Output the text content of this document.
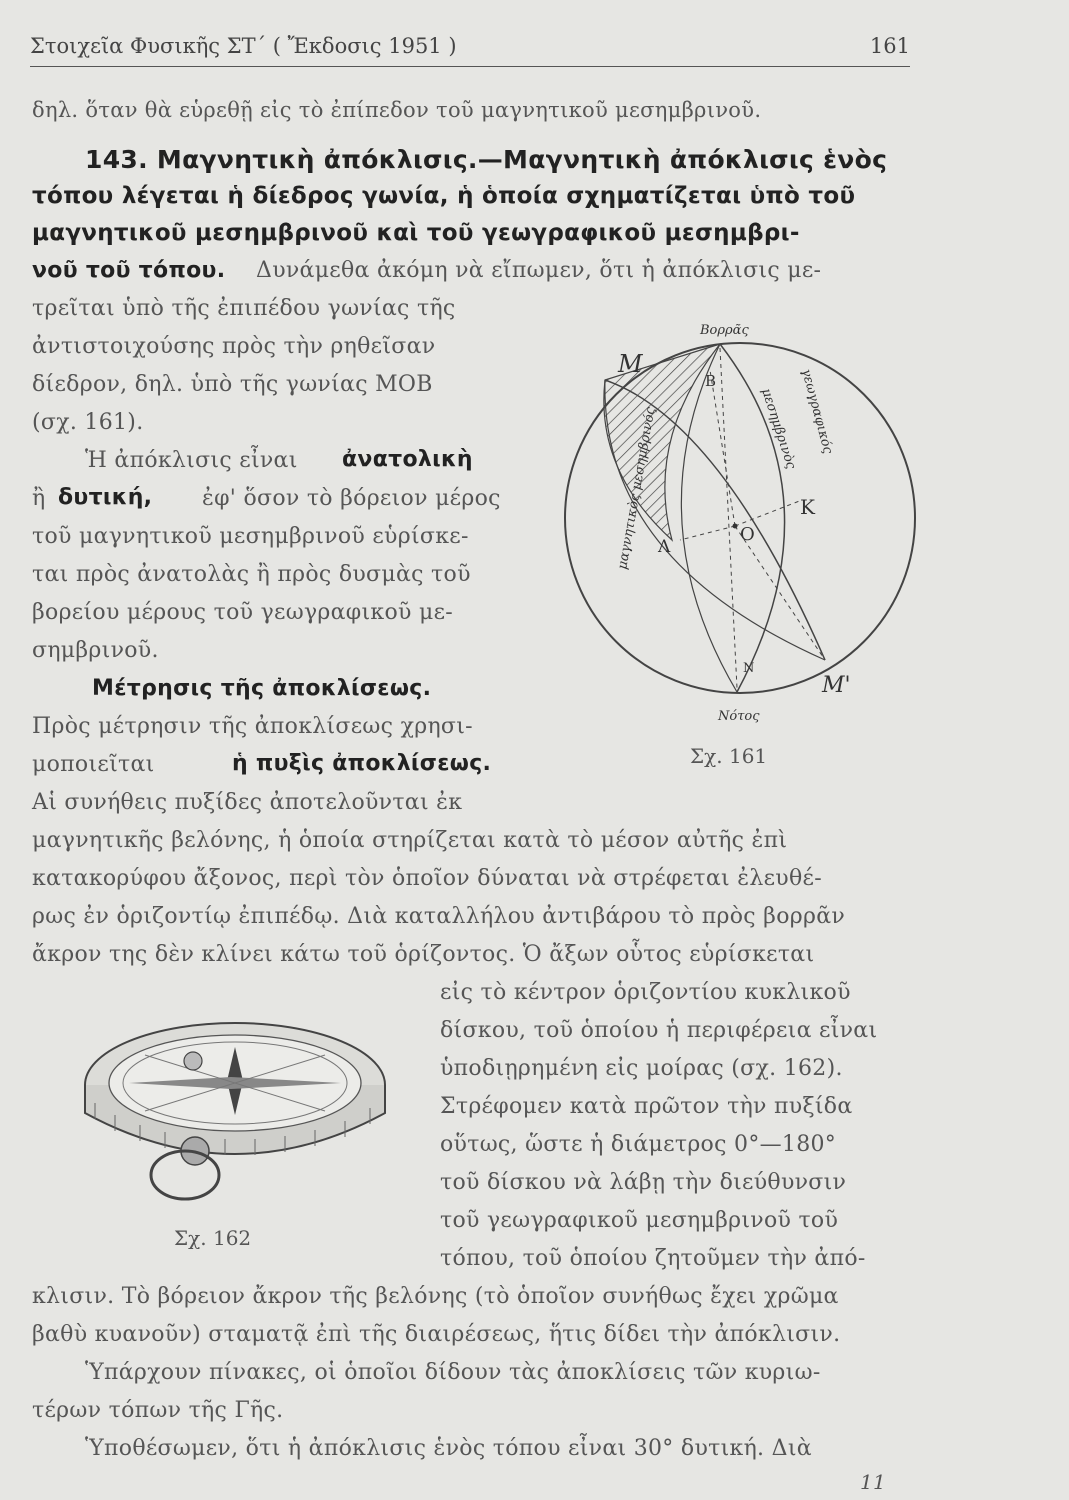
Στοιχεῖα Φυσικῆς ΣΤ΄ ( Ἔκδοσις 1951 )	161
δηλ. ὅταν θὰ εὑρεθῇ εἰς τὸ ἐπίπεδον τοῦ μαγνητικοῦ μεσημβρινοῦ.
143. Μαγνητικὴ ἀπόκλισις.—Μαγνητικὴ ἀπόκλισις ἑνὸς
τόπου λέγεται ἡ δίεδρος γωνία, ἡ ὁποία σχηματίζεται ὑπὸ τοῦ
μαγνητικοῦ μεσημβρινοῦ καὶ τοῦ γεωγραφικοῦ μεσημβρι-
νοῦ τοῦ τόπου. Δυνάμεθα ἀκόμη νὰ εἴπωμεν, ὅτι ἡ ἀπόκλισις με-
τρεῖται ὑπὸ τῆς ἐπιπέδου γωνίας τῆς
ἀντιστοιχούσης πρὸς τὴν ρηθεῖσαν
δίεδρον, δηλ. ὑπὸ τῆς γωνίας ΜΟΒ
(σχ. 161).
Ἡ ἀπόκλισις εἶναι ἀνατολικὴ
ἢ δυτική, ἐφ' ὅσον τὸ βόρειον μέρος
τοῦ μαγνητικοῦ μεσημβρινοῦ εὑρίσκε-
ται πρὸς ἀνατολὰς ἢ πρὸς δυσμὰς τοῦ
βορείου μέρους τοῦ γεωγραφικοῦ με-
σημβρινοῦ.
Μέτρησις τῆς ἀποκλίσεως.
Πρὸς μέτρησιν τῆς ἀποκλίσεως χρησι-
μοποιεῖται	ἡ πυξὶς ἀποκλίσεως.
Αἱ συνήθεις πυξίδες ἀποτελοῦνται ἐκ
μαγνητικῆς βελόνης, ἡ ὁποία στηρίζεται κατὰ τὸ μέσον αὐτῆς ἐπὶ
κατακορύφου ἄξονος, περὶ τὸν ὁποῖον δύναται νὰ στρέφεται ἐλευθέ-
ρως ἐν ὁριζοντίῳ ἐπιπέδῳ. Διὰ καταλλήλου ἀντιβάρου τὸ πρὸς βορρᾶν
ἄκρον της δὲν κλίνει κάτω τοῦ ὁρίζοντος. Ὁ ἄξων οὗτος εὑρίσκεται
εἰς τὸ κέντρον ὁριζοντίου κυκλικοῦ
δίσκου, τοῦ ὁποίου ἡ περιφέρεια εἶναι
ὑποδιῃρημένη εἰς μοίρας (σχ. 162).
Στρέφομεν κατὰ πρῶτον τὴν πυξίδα
οὕτως, ὥστε ἡ διάμετρος 0°—180°
τοῦ δίσκου νὰ λάβῃ τὴν διεύθυνσιν
τοῦ γεωγραφικοῦ μεσημβρινοῦ τοῦ
τόπου, τοῦ ὁποίου ζητοῦμεν τὴν ἀπό-
κλισιν. Τὸ βόρειον ἄκρον τῆς βελόνης (τὸ ὁποῖον συνήθως ἔχει χρῶμα
βαθὺ κυανοῦν) σταματᾷ ἐπὶ τῆς διαιρέσεως, ἥτις δίδει τὴν ἀπόκλισιν.
Ὑπάρχουν πίνακες, οἱ ὁποῖοι δίδουν τὰς ἀποκλίσεις τῶν κυριω-
τέρων τόπων τῆς Γῆς.
Ὑποθέσωμεν, ὅτι ἡ ἀπόκλισις ἑνὸς τόπου εἶναι 30° δυτική. Διὰ
11
Βορρᾶς
Νότος
Μ
Μ'
Β
Κ
Λ
Ο
Ν
μαγνητικὸς μεσημβρινός	μεσημβρινὸς γεωγραφικός
Σχ. 161
Σχ. 162
